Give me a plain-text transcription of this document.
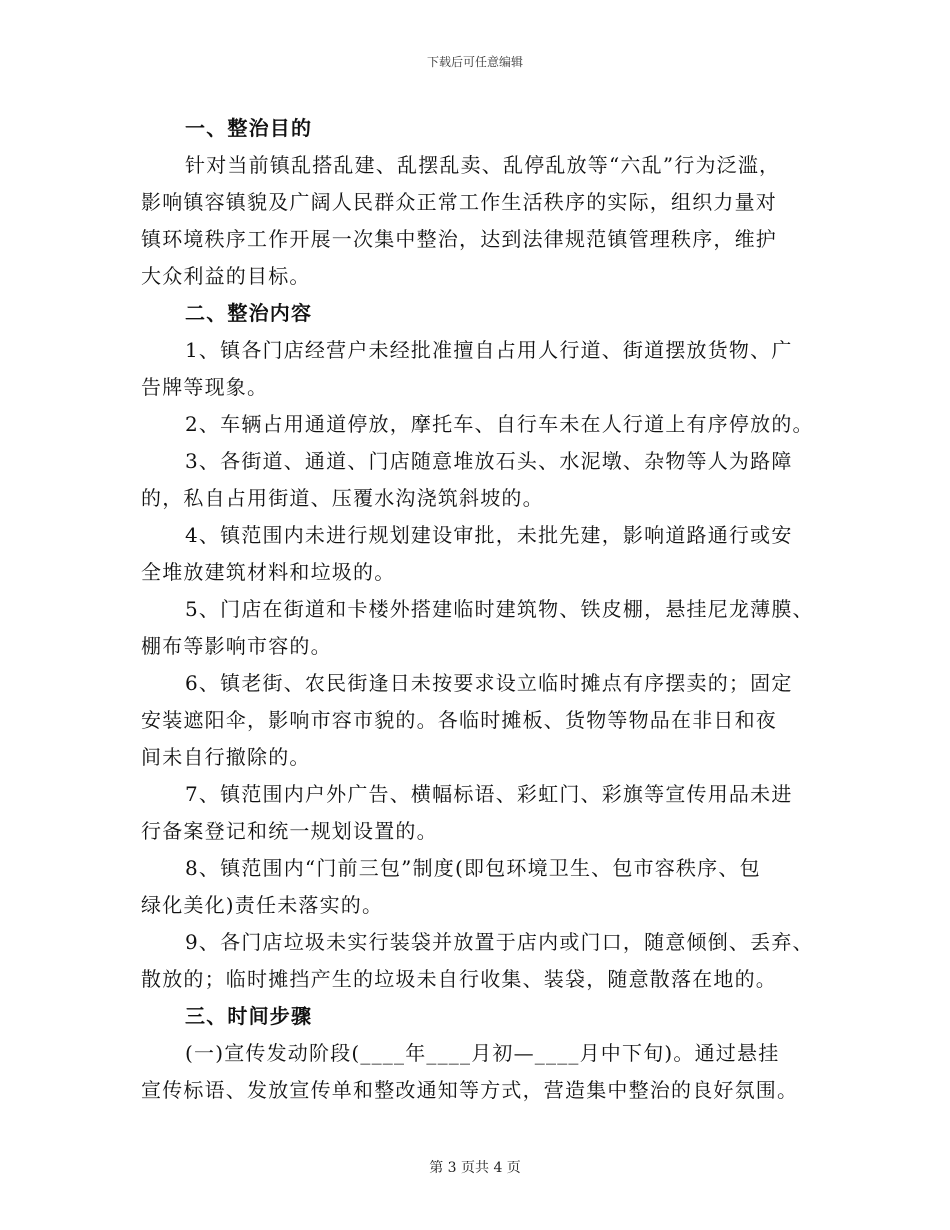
下载后可任意编辑
一、整治目的
针对当前镇乱搭乱建、乱摆乱卖、乱停乱放等“六乱”行为泛滥，
影响镇容镇貌及广阔人民群众正常工作生活秩序的实际，组织力量对
镇环境秩序工作开展一次集中整治，达到法律规范镇管理秩序，维护
大众利益的目标。
二、整治内容
1、镇各门店经营户未经批准擅自占用人行道、街道摆放货物、广
告牌等现象。
2、车辆占用通道停放，摩托车、自行车未在人行道上有序停放的。
3、各街道、通道、门店随意堆放石头、水泥墩、杂物等人为路障
的，私自占用街道、压覆水沟浇筑斜坡的。
4、镇范围内未进行规划建设审批，未批先建，影响道路通行或安
全堆放建筑材料和垃圾的。
5、门店在街道和卡楼外搭建临时建筑物、铁皮棚，悬挂尼龙薄膜、
棚布等影响市容的。
6、镇老街、农民街逢日未按要求设立临时摊点有序摆卖的；固定
安装遮阳伞，影响市容市貌的。各临时摊板、货物等物品在非日和夜
间未自行撤除的。
7、镇范围内户外广告、横幅标语、彩虹门、彩旗等宣传用品未进
行备案登记和统一规划设置的。
8、镇范围内“门前三包”制度(即包环境卫生、包市容秩序、包
绿化美化)责任未落实的。
9、各门店垃圾未实行装袋并放置于店内或门口，随意倾倒、丢弃、
散放的；临时摊挡产生的垃圾未自行收集、装袋，随意散落在地的。
三、时间步骤
(一)宣传发动阶段(____年____月初—____月中下旬)。通过悬挂
宣传标语、发放宣传单和整改通知等方式，营造集中整治的良好氛围。
第 3 页共 4 页
